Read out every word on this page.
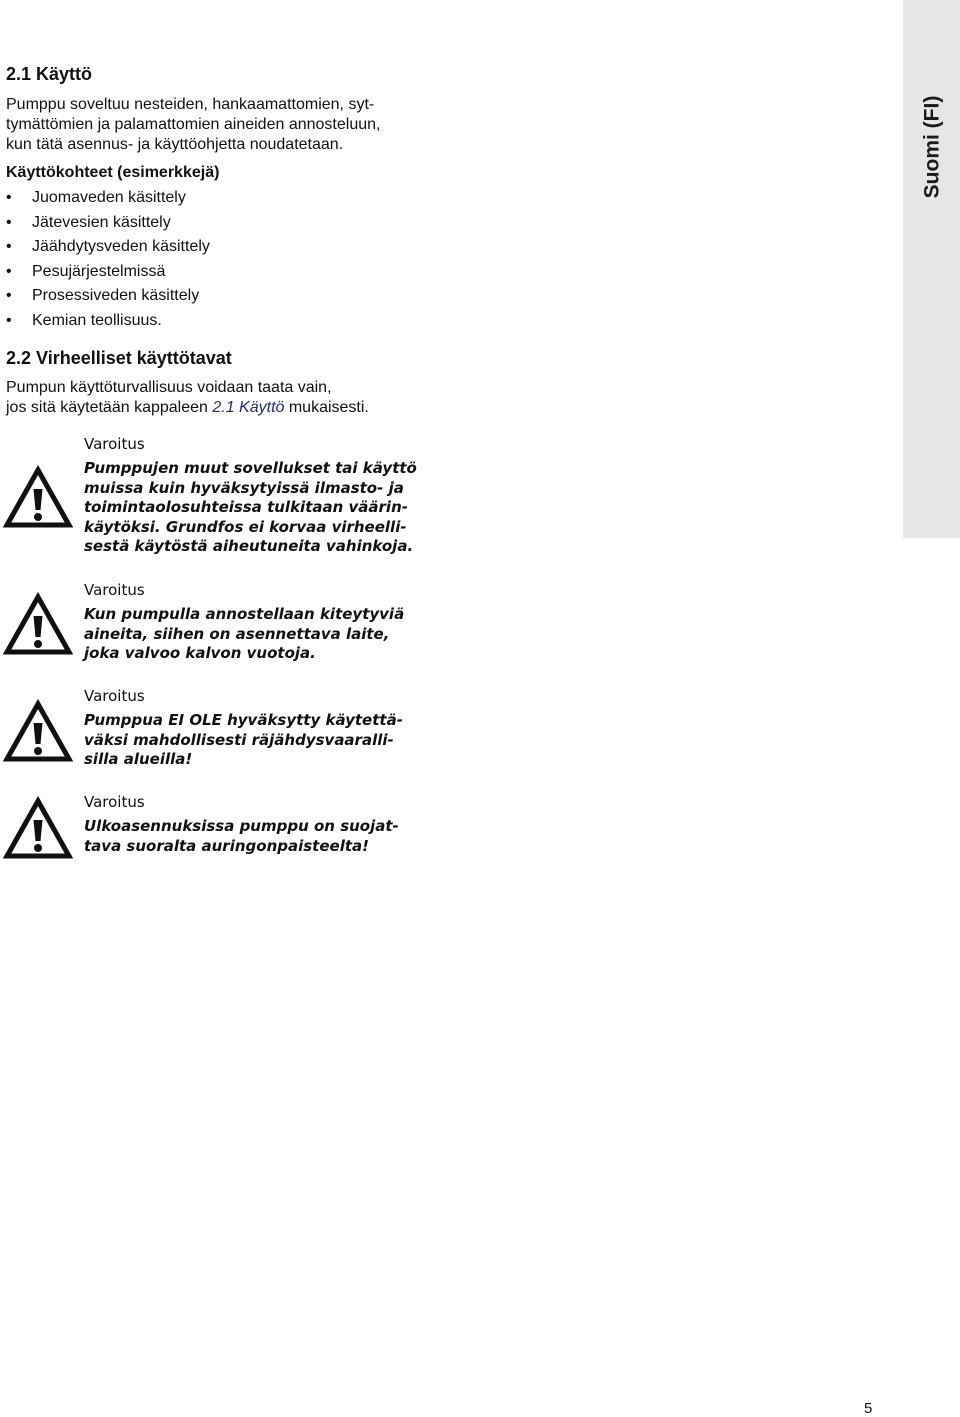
Suomi (FI)
2.1 Käyttö
Pumppu soveltuu nesteiden, hankaamattomien, syt-
tymättömien ja palamattomien aineiden annosteluun,
kun tätä asennus- ja käyttöohjetta noudatetaan.
Käyttökohteet (esimerkkejä)
• Juomaveden käsittely
• Jätevesien käsittely
• Jäähdytysveden käsittely
• Pesujärjestelmissä
• Prosessiveden käsittely
• Kemian teollisuus.
2.2 Virheelliset käyttötavat
Pumpun käyttöturvallisuus voidaan taata vain,
jos sitä käytetään kappaleen 2.1 Käyttö mukaisesti.
Varoitus
Pumppujen muut sovellukset tai käyttö
muissa kuin hyväksytyissä ilmasto- ja
toimintaolosuhteissa tulkitaan väärin-
käytöksi. Grundfos ei korvaa virheelli-
sestä käytöstä aiheutuneita vahinkoja.
Varoitus
Kun pumpulla annostellaan kiteytyviä
aineita, siihen on asennettava laite,
joka valvoo kalvon vuotoja.
Varoitus
Pumppua EI OLE hyväksytty käytettä-
väksi mahdollisesti räjähdysvaaralli-
silla alueilla!
Varoitus
Ulkoasennuksissa pumppu on suojat-
tava suoralta auringonpaisteelta!
5
